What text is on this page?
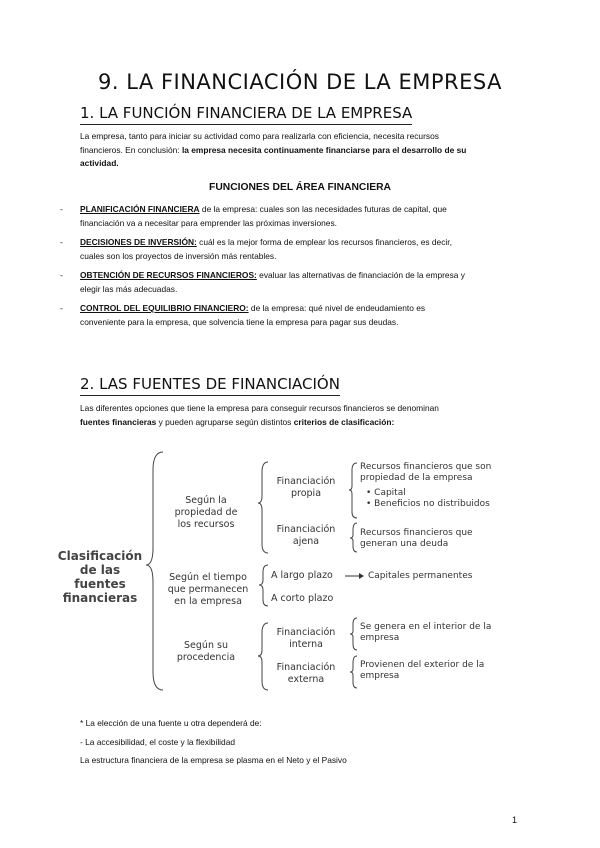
9. LA FINANCIACIÓN DE LA EMPRESA
1. LA FUNCIÓN FINANCIERA DE LA EMPRESA
La empresa, tanto para iniciar su actividad como para realizarla con eficiencia, necesita recursos
financieros. En conclusión: la empresa necesita continuamente financiarse para el desarrollo de su
actividad.
FUNCIONES DEL ÁREA FINANCIERA
- PLANIFICACIÓN FINANCIERA de la empresa: cuales son las necesidades futuras de capital, que
financiación va a necesitar para emprender las próximas inversiones.
- DECISIONES DE INVERSIÓN: cuál es la mejor forma de emplear los recursos financieros, es decir,
cuales son los proyectos de inversión más rentables.
- OBTENCIÓN DE RECURSOS FINANCIEROS: evaluar las alternativas de financiación de la empresa y
elegir las más adecuadas.
- CONTROL DEL EQUILIBRIO FINANCIERO: de la empresa: qué nivel de endeudamiento es
conveniente para la empresa, que solvencia tiene la empresa para pagar sus deudas.
2. LAS FUENTES DE FINANCIACIÓN
Las diferentes opciones que tiene la empresa para conseguir recursos financieros se denominan
fuentes financieras y pueden agruparse según distintos criterios de clasificación:
Clasificación
de las
fuentes
financieras
Según la
propiedad de
los recursos
Según el tiempo
que permanecen
en la empresa
Según su
procedencia
Financiación
propia
Financiación
ajena
A largo plazo
A corto plazo
Financiación
interna
Financiación
externa
Recursos financieros que son
propiedad de la empresa
• Capital
• Beneficios no distribuidos
Recursos financieros que
generan una deuda
Capitales permanentes
Se genera en el interior de la
empresa
Provienen del exterior de la
empresa
* La elección de una fuente u otra dependerá de:
- La accesibilidad, el coste y la flexibilidad
La estructura financiera de la empresa se plasma en el Neto y el Pasivo
1
